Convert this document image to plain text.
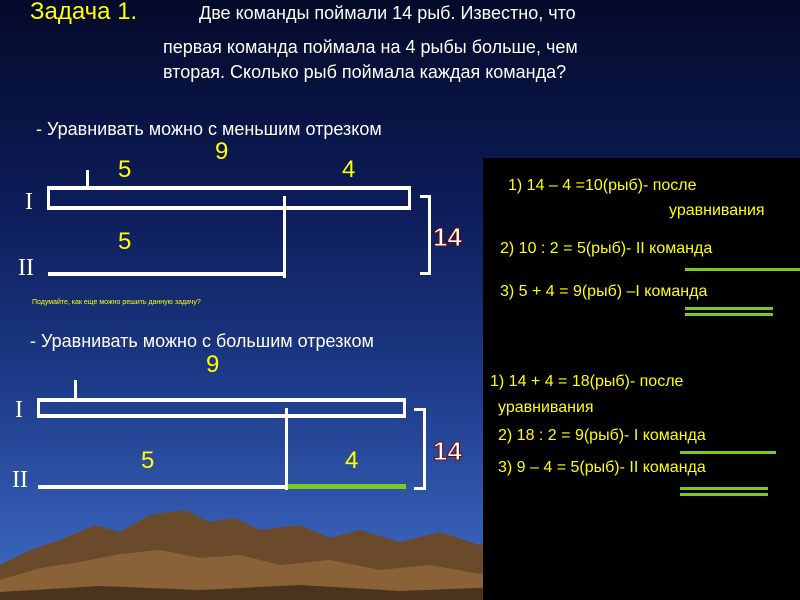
Задача 1.	Две команды поймали 14 рыб. Известно, что
первая команда поймала на 4 рыбы больше, чем
вторая. Сколько рыб поймала каждая команда?
- Уравнивать можно с меньшим отрезком
9
5	4
I
5
II
14
Подумайте, как еще можно решить данную задачу?
- Уравнивать можно с большим отрезком
9
I
5	4
II
14
1) 14 – 4 =10(рыб)- после
уравнивания
2) 10 : 2 = 5(рыб)- II команда
3) 5 + 4 = 9(рыб) –I команда
1) 14 + 4 = 18(рыб)- после
уравнивания
2) 18 : 2 = 9(рыб)- I команда
3) 9 – 4 = 5(рыб)- II команда
